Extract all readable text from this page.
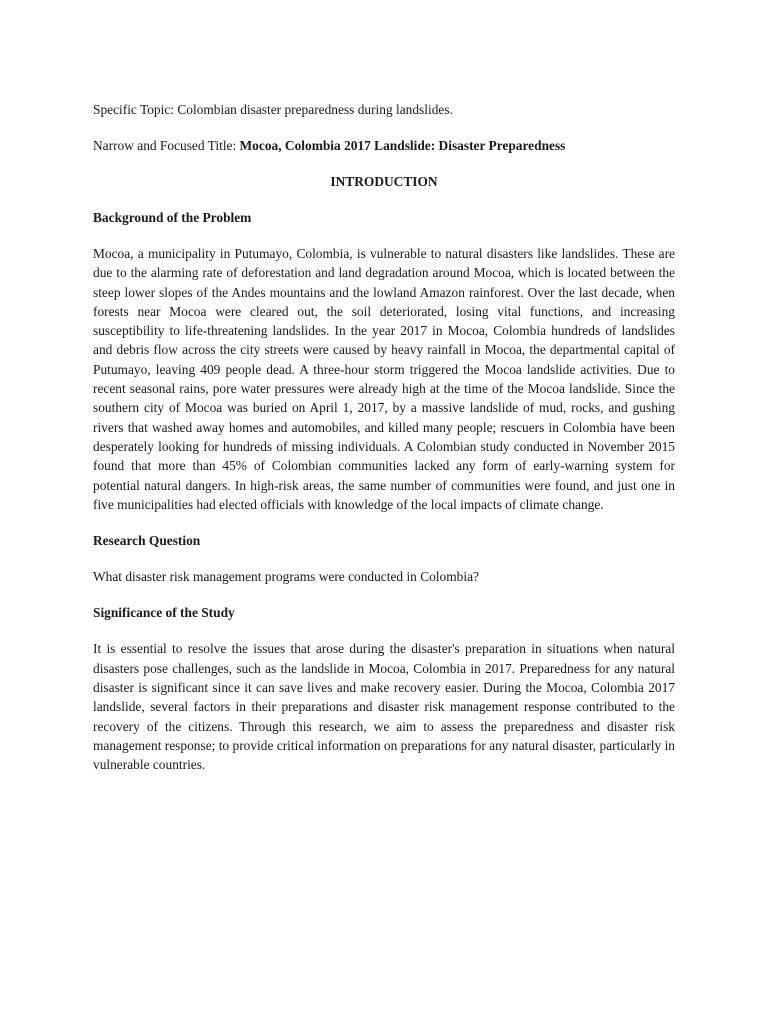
Specific Topic: Colombian disaster preparedness during landslides.

Narrow and Focused Title: Mocoa, Colombia 2017 Landslide: Disaster Preparedness

INTRODUCTION

Background of the Problem

Mocoa, a municipality in Putumayo, Colombia, is vulnerable to natural disasters like landslides. These are due to the alarming rate of deforestation and land degradation around Mocoa, which is located between the steep lower slopes of the Andes mountains and the lowland Amazon rainforest. Over the last decade, when forests near Mocoa were cleared out, the soil deteriorated, losing vital functions, and increasing susceptibility to life-threatening landslides. In the year 2017 in Mocoa, Colombia hundreds of landslides and debris flow across the city streets were caused by heavy rainfall in Mocoa, the departmental capital of Putumayo, leaving 409 people dead. A three-hour storm triggered the Mocoa landslide activities. Due to recent seasonal rains, pore water pressures were already high at the time of the Mocoa landslide. Since the southern city of Mocoa was buried on April 1, 2017, by a massive landslide of mud, rocks, and gushing rivers that washed away homes and automobiles, and killed many people; rescuers in Colombia have been desperately looking for hundreds of missing individuals. A Colombian study conducted in November 2015 found that more than 45% of Colombian communities lacked any form of early-warning system for potential natural dangers. In high-risk areas, the same number of communities were found, and just one in five municipalities had elected officials with knowledge of the local impacts of climate change.

Research Question

What disaster risk management programs were conducted in Colombia?

Significance of the Study

It is essential to resolve the issues that arose during the disaster's preparation in situations when natural disasters pose challenges, such as the landslide in Mocoa, Colombia in 2017. Preparedness for any natural disaster is significant since it can save lives and make recovery easier. During the Mocoa, Colombia 2017 landslide, several factors in their preparations and disaster risk management response contributed to the recovery of the citizens. Through this research, we aim to assess the preparedness and disaster risk management response; to provide critical information on preparations for any natural disaster, particularly in vulnerable countries.
